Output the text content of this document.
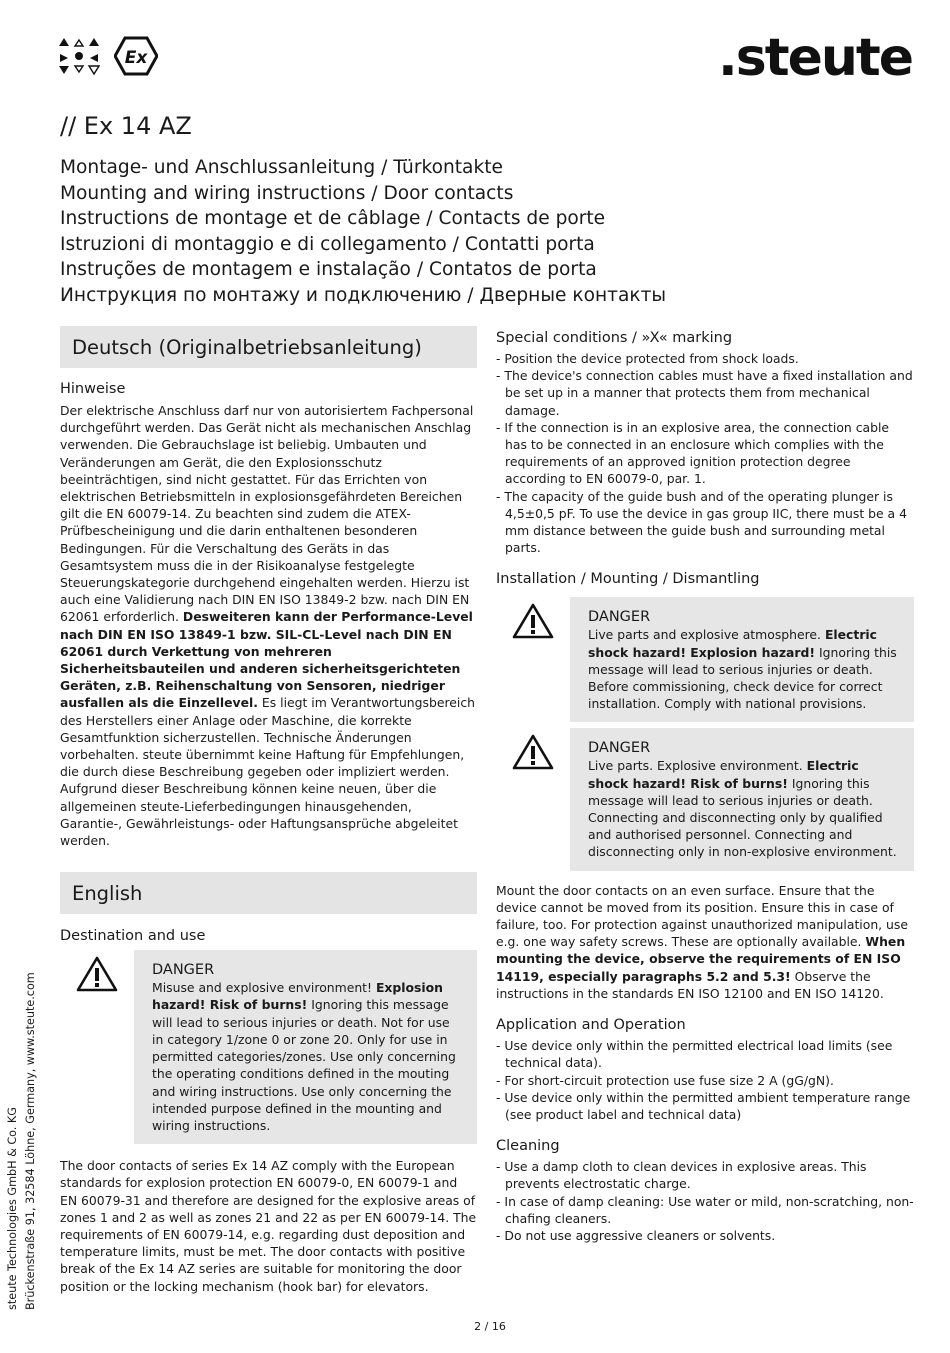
Ex	.steute
// Ex 14 AZ
Montage- und Anschlussanleitung / Türkontakte
Mounting and wiring instructions / Door contacts
Instructions de montage et de câblage / Contacts de porte
Istruzioni di montaggio e di collegamento / Contatti porta
Instruções de montagem e instalação / Contatos de porta
Инструкция по монтажу и подключению / Дверные контакты
Deutsch (Originalbetriebsanleitung)
Hinweise

Der elektrische Anschluss darf nur von autorisiertem Fachpersonal durchgeführt werden. Das Gerät nicht als mechanischen Anschlag verwenden. Die Gebrauchslage ist beliebig. Umbauten und Veränderungen am Gerät, die den Explosionsschutz beeinträchtigen, sind nicht gestattet. Für das Errichten von elektrischen Betriebsmitteln in explosionsgefährdeten Bereichen gilt die EN 60079-14. Zu beachten sind zudem die ATEX-Prüfbescheinigung und die darin enthaltenen besonderen Bedingungen. Für die Verschaltung des Geräts in das Gesamtsystem muss die in der Risikoanalyse festgelegte Steuerungskategorie durchgehend eingehalten werden. Hierzu ist auch eine Validierung nach DIN EN ISO 13849-2 bzw. nach DIN EN 62061 erforderlich. Desweiteren kann der Performance-Level nach DIN EN ISO 13849-1 bzw. SIL-CL-Level nach DIN EN 62061 durch Verkettung von mehreren Sicherheitsbauteilen und anderen sicherheitsgerichteten Geräten, z.B. Reihenschaltung von Sensoren, niedriger ausfallen als die Einzellevel. Es liegt im Verantwortungsbereich des Herstellers einer Anlage oder Maschine, die korrekte Gesamtfunktion sicherzustellen. Technische Änderungen vorbehalten. steute übernimmt keine Haftung für Empfehlungen, die durch diese Beschreibung gegeben oder impliziert werden. Aufgrund dieser Beschreibung können keine neuen, über die allgemeinen steute-Lieferbedingungen hinausgehenden, Garantie-, Gewährleistungs- oder Haftungsansprüche abgeleitet werden.

English
Destination and use
DANGER
Misuse and explosive environment! Explosion hazard! Risk of burns! Ignoring this message will lead to serious injuries or death. Not for use in category 1/zone 0 or zone 20. Only for use in permitted categories/zones. Use only concerning the operating conditions defined in the mouting and wiring instructions. Use only concerning the intended purpose defined in the mounting and wiring instructions.

The door contacts of series Ex 14 AZ comply with the European standards for explosion protection EN 60079-0, EN 60079-1 and EN 60079-31 and therefore are designed for the explosive areas of zones 1 and 2 as well as zones 21 and 22 as per EN 60079-14. The requirements of EN 60079-14, e.g. regarding dust deposition and temperature limits, must be met. The door contacts with positive break of the Ex 14 AZ series are suitable for monitoring the door position or the locking mechanism (hook bar) for elevators.

Special conditions / »X« marking
- Position the device protected from shock loads.
- The device's connection cables must have a fixed installation and be set up in a manner that protects them from mechanical damage.
- If the connection is in an explosive area, the connection cable has to be connected in an enclosure which complies with the requirements of an approved ignition protection degree according to EN 60079-0, par. 1.
- The capacity of the guide bush and of the operating plunger is 4,5±0,5 pF. To use the device in gas group IIC, there must be a 4 mm distance between the guide bush and surrounding metal parts.
Installation / Mounting / Dismantling
DANGER
Live parts and explosive atmosphere. Electric shock hazard! Explosion hazard! Ignoring this message will lead to serious injuries or death. Before commissioning, check device for correct installation. Comply with national provisions.
DANGER
Live parts. Explosive environment. Electric shock hazard! Risk of burns! Ignoring this message will lead to serious injuries or death. Connecting and disconnecting only by qualified and authorised personnel. Connecting and disconnecting only in non-explosive environment.

Mount the door contacts on an even surface. Ensure that the device cannot be moved from its position. Ensure this in case of failure, too. For protection against unauthorized manipulation, use e.g. one way safety screws. These are optionally available. When mounting the device, observe the requirements of EN ISO 14119, especially paragraphs 5.2 and 5.3! Observe the instructions in the standards EN ISO 12100 and EN ISO 14120.

Application and Operation
- Use device only within the permitted electrical load limits (see technical data).
- For short-circuit protection use fuse size 2 A (gG/gN).
- Use device only within the permitted ambient temperature range (see product label and technical data)
Cleaning
- Use a damp cloth to clean devices in explosive areas. This prevents electrostatic charge.
- In case of damp cleaning: Use water or mild, non-scratching, non-chafing cleaners.
- Do not use aggressive cleaners or solvents.
steute Technologies GmbH & Co. KG Brückenstraße 91, 32584 Löhne, Germany, www.steute.com
2 / 16
